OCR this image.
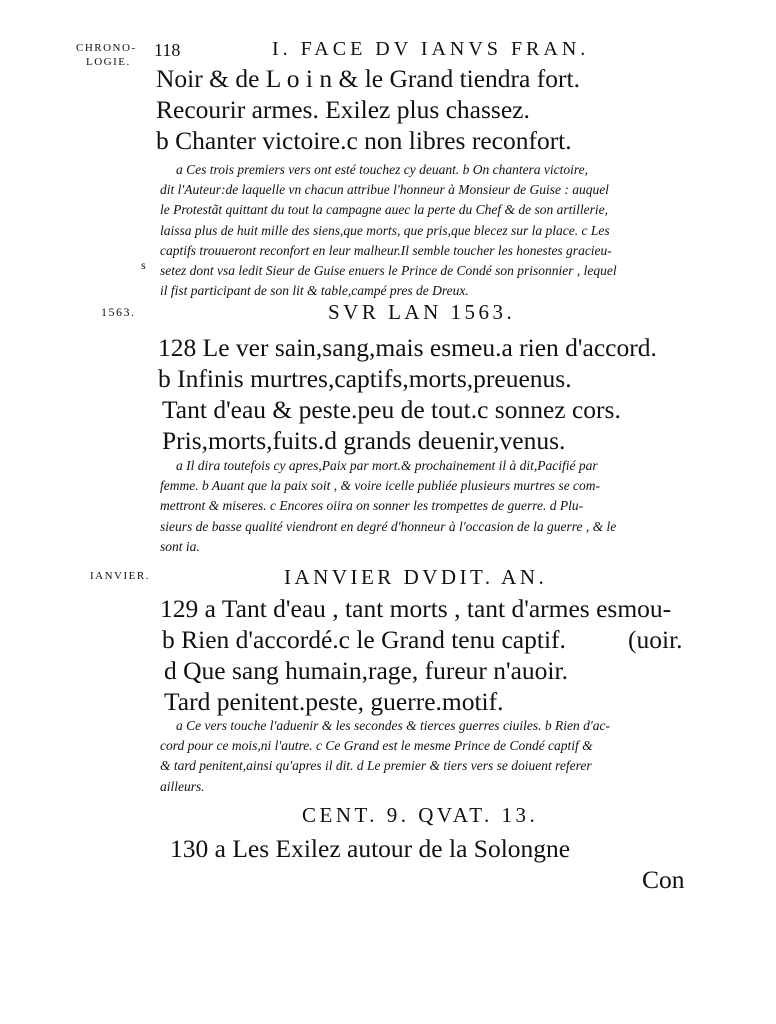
CHRONO-
LOGIE.
1563.
IANVIER.
118	I. FACE DV IANVS FRAN.
Noir & de L o i n & le Grand tiendra fort.
Recourir armes. Exilez plus chassez.
b Chanter victoire.c non libres reconfort.
a Ces trois premiers vers ont esté touchez cy deuant. b On chantera victoire,
dit l'Auteur:de laquelle vn chacun attribue l'honneur à Monsieur de Guise : auquel
le Protestãt quittant du tout la campagne auec la perte du Chef & de son artillerie,
laissa plus de huit mille des siens,que morts, que pris,que blecez sur la place. c Les
captifs trouueront reconfort en leur malheur.Il semble toucher les honestes gracieu-
setez dont vsa ledit Sieur de Guise enuers le Prince de Condé son prisonnier , lequel
il fist participant de son lit & table,campé pres de Dreux.
s
SVR LAN 1563.
128 Le ver sain,sang,mais esmeu.a rien d'accord.
b Infinis murtres,captifs,morts,preuenus.
Tant d'eau & peste.peu de tout.c sonnez cors.
Pris,morts,fuits.d grands deuenir,venus.
a Il dira toutefois cy apres,Paix par mort.& prochainement il à dit,Pacifié par
femme. b Auant que la paix soit , & voire icelle publiée plusieurs murtres se com-
mettront & miseres. c Encores oiira on sonner les trompettes de guerre. d Plu-
sieurs de basse qualité viendront en degré d'honneur à l'occasion de la guerre , & le
sont ia.
IANVIER DVDIT. AN.
129 a Tant d'eau , tant morts , tant d'armes esmou-
b Rien d'accordé.c le Grand tenu captif. (uoir.
d Que sang humain,rage, fureur n'auoir.
Tard penitent.peste, guerre.motif.
a Ce vers touche l'aduenir & les secondes & tierces guerres ciuiles. b Rien d'ac-
cord pour ce mois,ni l'autre. c Ce Grand est le mesme Prince de Condé captif &
& tard penitent,ainsi qu'apres il dit. d Le premier & tiers vers se doiuent referer
ailleurs.
CENT. 9. QVAT. 13.
130 a Les Exilez autour de la Solongne
Con
